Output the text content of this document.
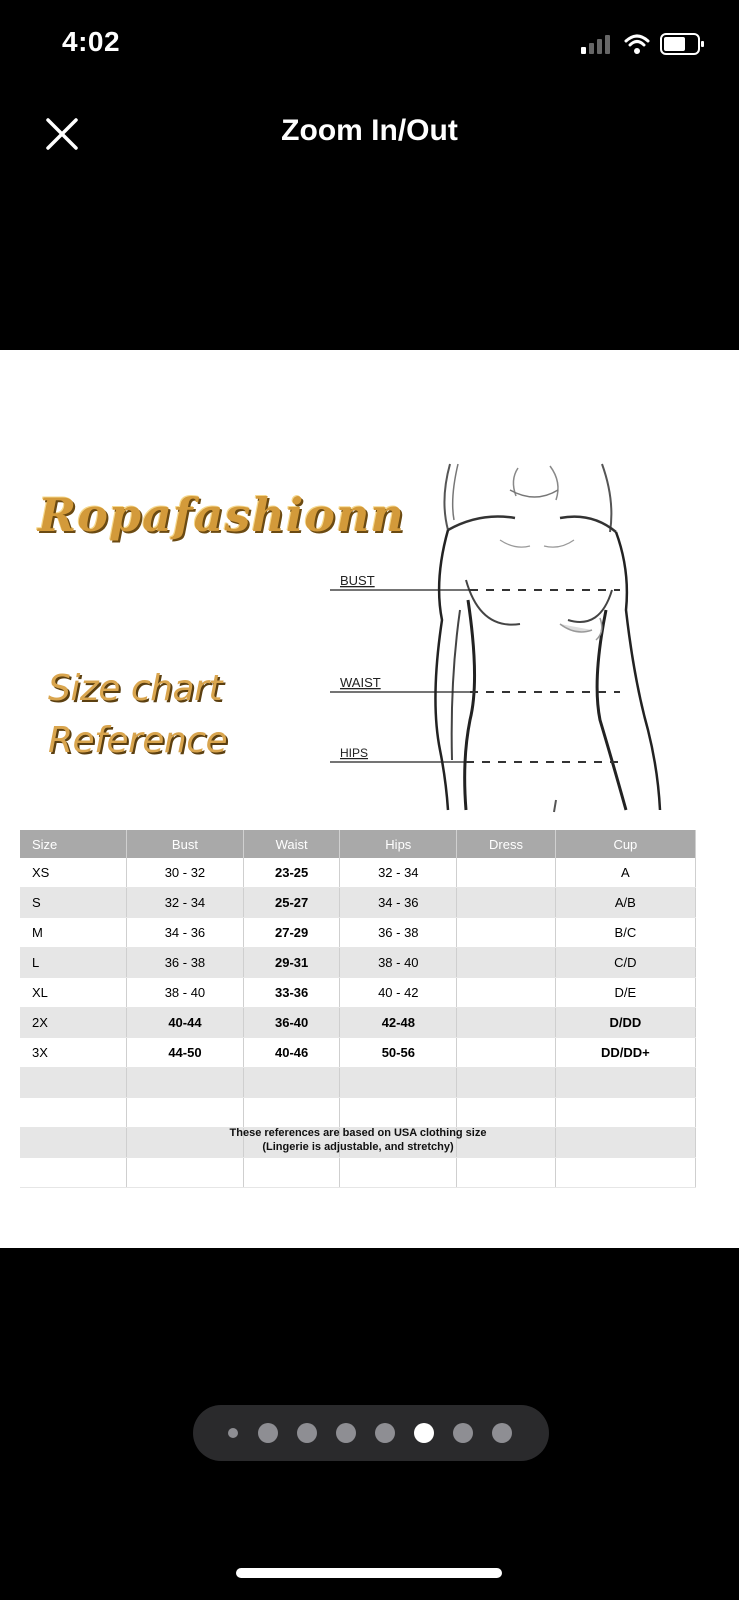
4:02
Zoom In/Out
Ropafashionn
Size chart
Reference
BUST
WAIST
HIPS
Size	Bust	Waist	Hips	Dress	Cup
XS	30 - 32	23-25	32 - 34		A
S	32 - 34	25-27	34 - 36		A/B
M	34 - 36	27-29	36 - 38		B/C
L	36 - 38	29-31	38 - 40		C/D
XL	38 - 40	33-36	40 - 42		D/E
2X	40-44	36-40	42-48		D/DD
3X	44-50	40-46	50-56		DD/DD+

These references are based on USA clothing size
(Lingerie is adjustable, and stretchy)
